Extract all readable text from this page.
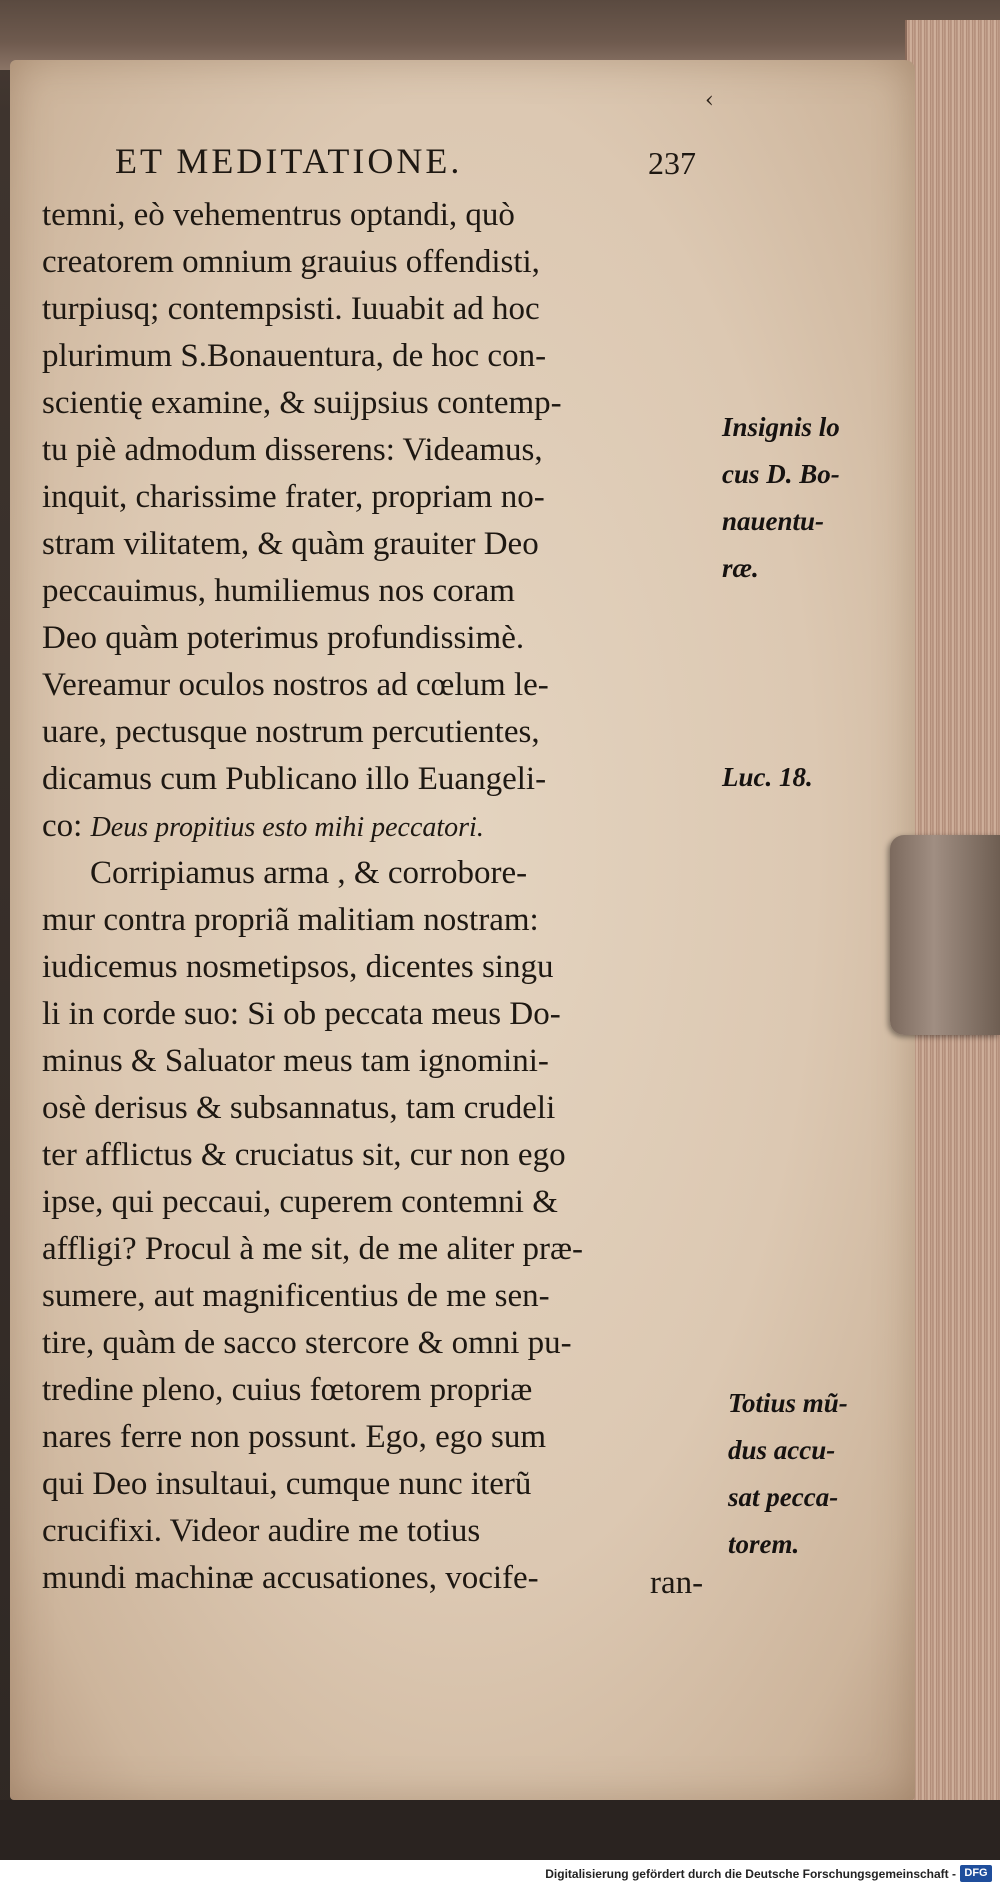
‹
ET MEDITATIONE.	237
temni, eò vehementrus optandi, quò
creatorem omnium grauius offendisti,
turpiusq; contempsisti. Iuuabit ad hoc
plurimum S.Bonauentura, de hoc con-
scientię examine, & suijpsius contemp-
tu piè admodum disserens: Videamus,
inquit, charissime frater, propriam no-
stram vilitatem, & quàm grauiter Deo
peccauimus, humiliemus nos coram
Deo quàm poterimus profundissimè.
Vereamur oculos nostros ad cœlum le-
uare, pectusque nostrum percutientes,
dicamus cum Publicano illo Euangeli-
co: Deus propitius esto mihi peccatori.
Corripiamus arma , & corrobore-
mur contra propriã malitiam nostram:
iudicemus nosmetipsos, dicentes singu
li in corde suo: Si ob peccata meus Do-
minus & Saluator meus tam ignomini-
osè derisus & subsannatus, tam crudeli
ter afflictus & cruciatus sit, cur non ego
ipse, qui peccaui, cuperem contemni &
affligi? Procul à me sit, de me aliter præ-
sumere, aut magnificentius de me sen-
tire, quàm de sacco stercore & omni pu-
tredine pleno, cuius fœtorem propriæ
nares ferre non possunt. Ego, ego sum
qui Deo insultaui, cumque nunc iterũ
crucifixi. Videor audire me totius
mundi machinæ accusationes, vocife-	ran-
Insignis lo
cus D. Bo-
nauentu-
ræ.
Luc. 18.
Totius mũ-
dus accu-
sat pecca-
torem.
Digitalisierung gefördert durch die Deutsche Forschungsgemeinschaft - DFG
